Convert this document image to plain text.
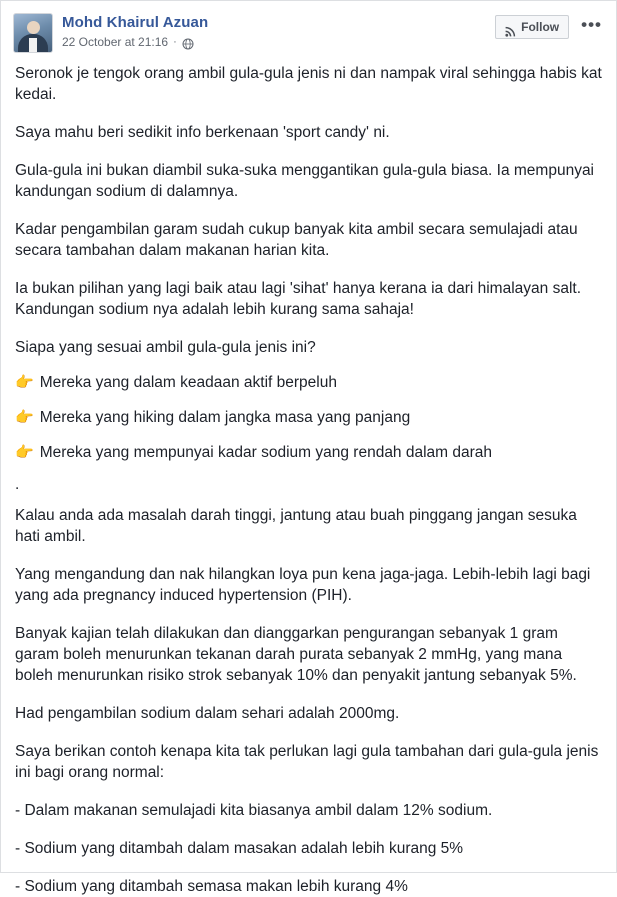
Mohd Khairul Azuan
22 October at 21:16 ·
Follow •••

Seronok je tengok orang ambil gula-gula jenis ni dan nampak viral sehingga habis kat kedai.

Saya mahu beri sedikit info berkenaan 'sport candy' ni.

Gula-gula ini bukan diambil suka-suka menggantikan gula-gula biasa. Ia mempunyai kandungan sodium di dalamnya.

Kadar pengambilan garam sudah cukup banyak kita ambil secara semulajadi atau secara tambahan dalam makanan harian kita.

Ia bukan pilihan yang lagi baik atau lagi 'sihat' hanya kerana ia dari himalayan salt. Kandungan sodium nya adalah lebih kurang sama sahaja!

Siapa yang sesuai ambil gula-gula jenis ini?

👉 Mereka yang dalam keadaan aktif berpeluh
👉 Mereka yang hiking dalam jangka masa yang panjang
👉 Mereka yang mempunyai kadar sodium yang rendah dalam darah
.

Kalau anda ada masalah darah tinggi, jantung atau buah pinggang jangan sesuka hati ambil.

Yang mengandung dan nak hilangkan loya pun kena jaga-jaga. Lebih-lebih lagi bagi yang ada pregnancy induced hypertension (PIH).

Banyak kajian telah dilakukan dan dianggarkan pengurangan sebanyak 1 gram garam boleh menurunkan tekanan darah purata sebanyak 2 mmHg, yang mana boleh menurunkan risiko strok sebanyak 10% dan penyakit jantung sebanyak 5%.

Had pengambilan sodium dalam sehari adalah 2000mg.

Saya berikan contoh kenapa kita tak perlukan lagi gula tambahan dari gula-gula jenis ini bagi orang normal:

- Dalam makanan semulajadi kita biasanya ambil dalam 12% sodium.

- Sodium yang ditambah dalam masakan adalah lebih kurang 5%

- Sodium yang ditambah semasa makan lebih kurang 4%
